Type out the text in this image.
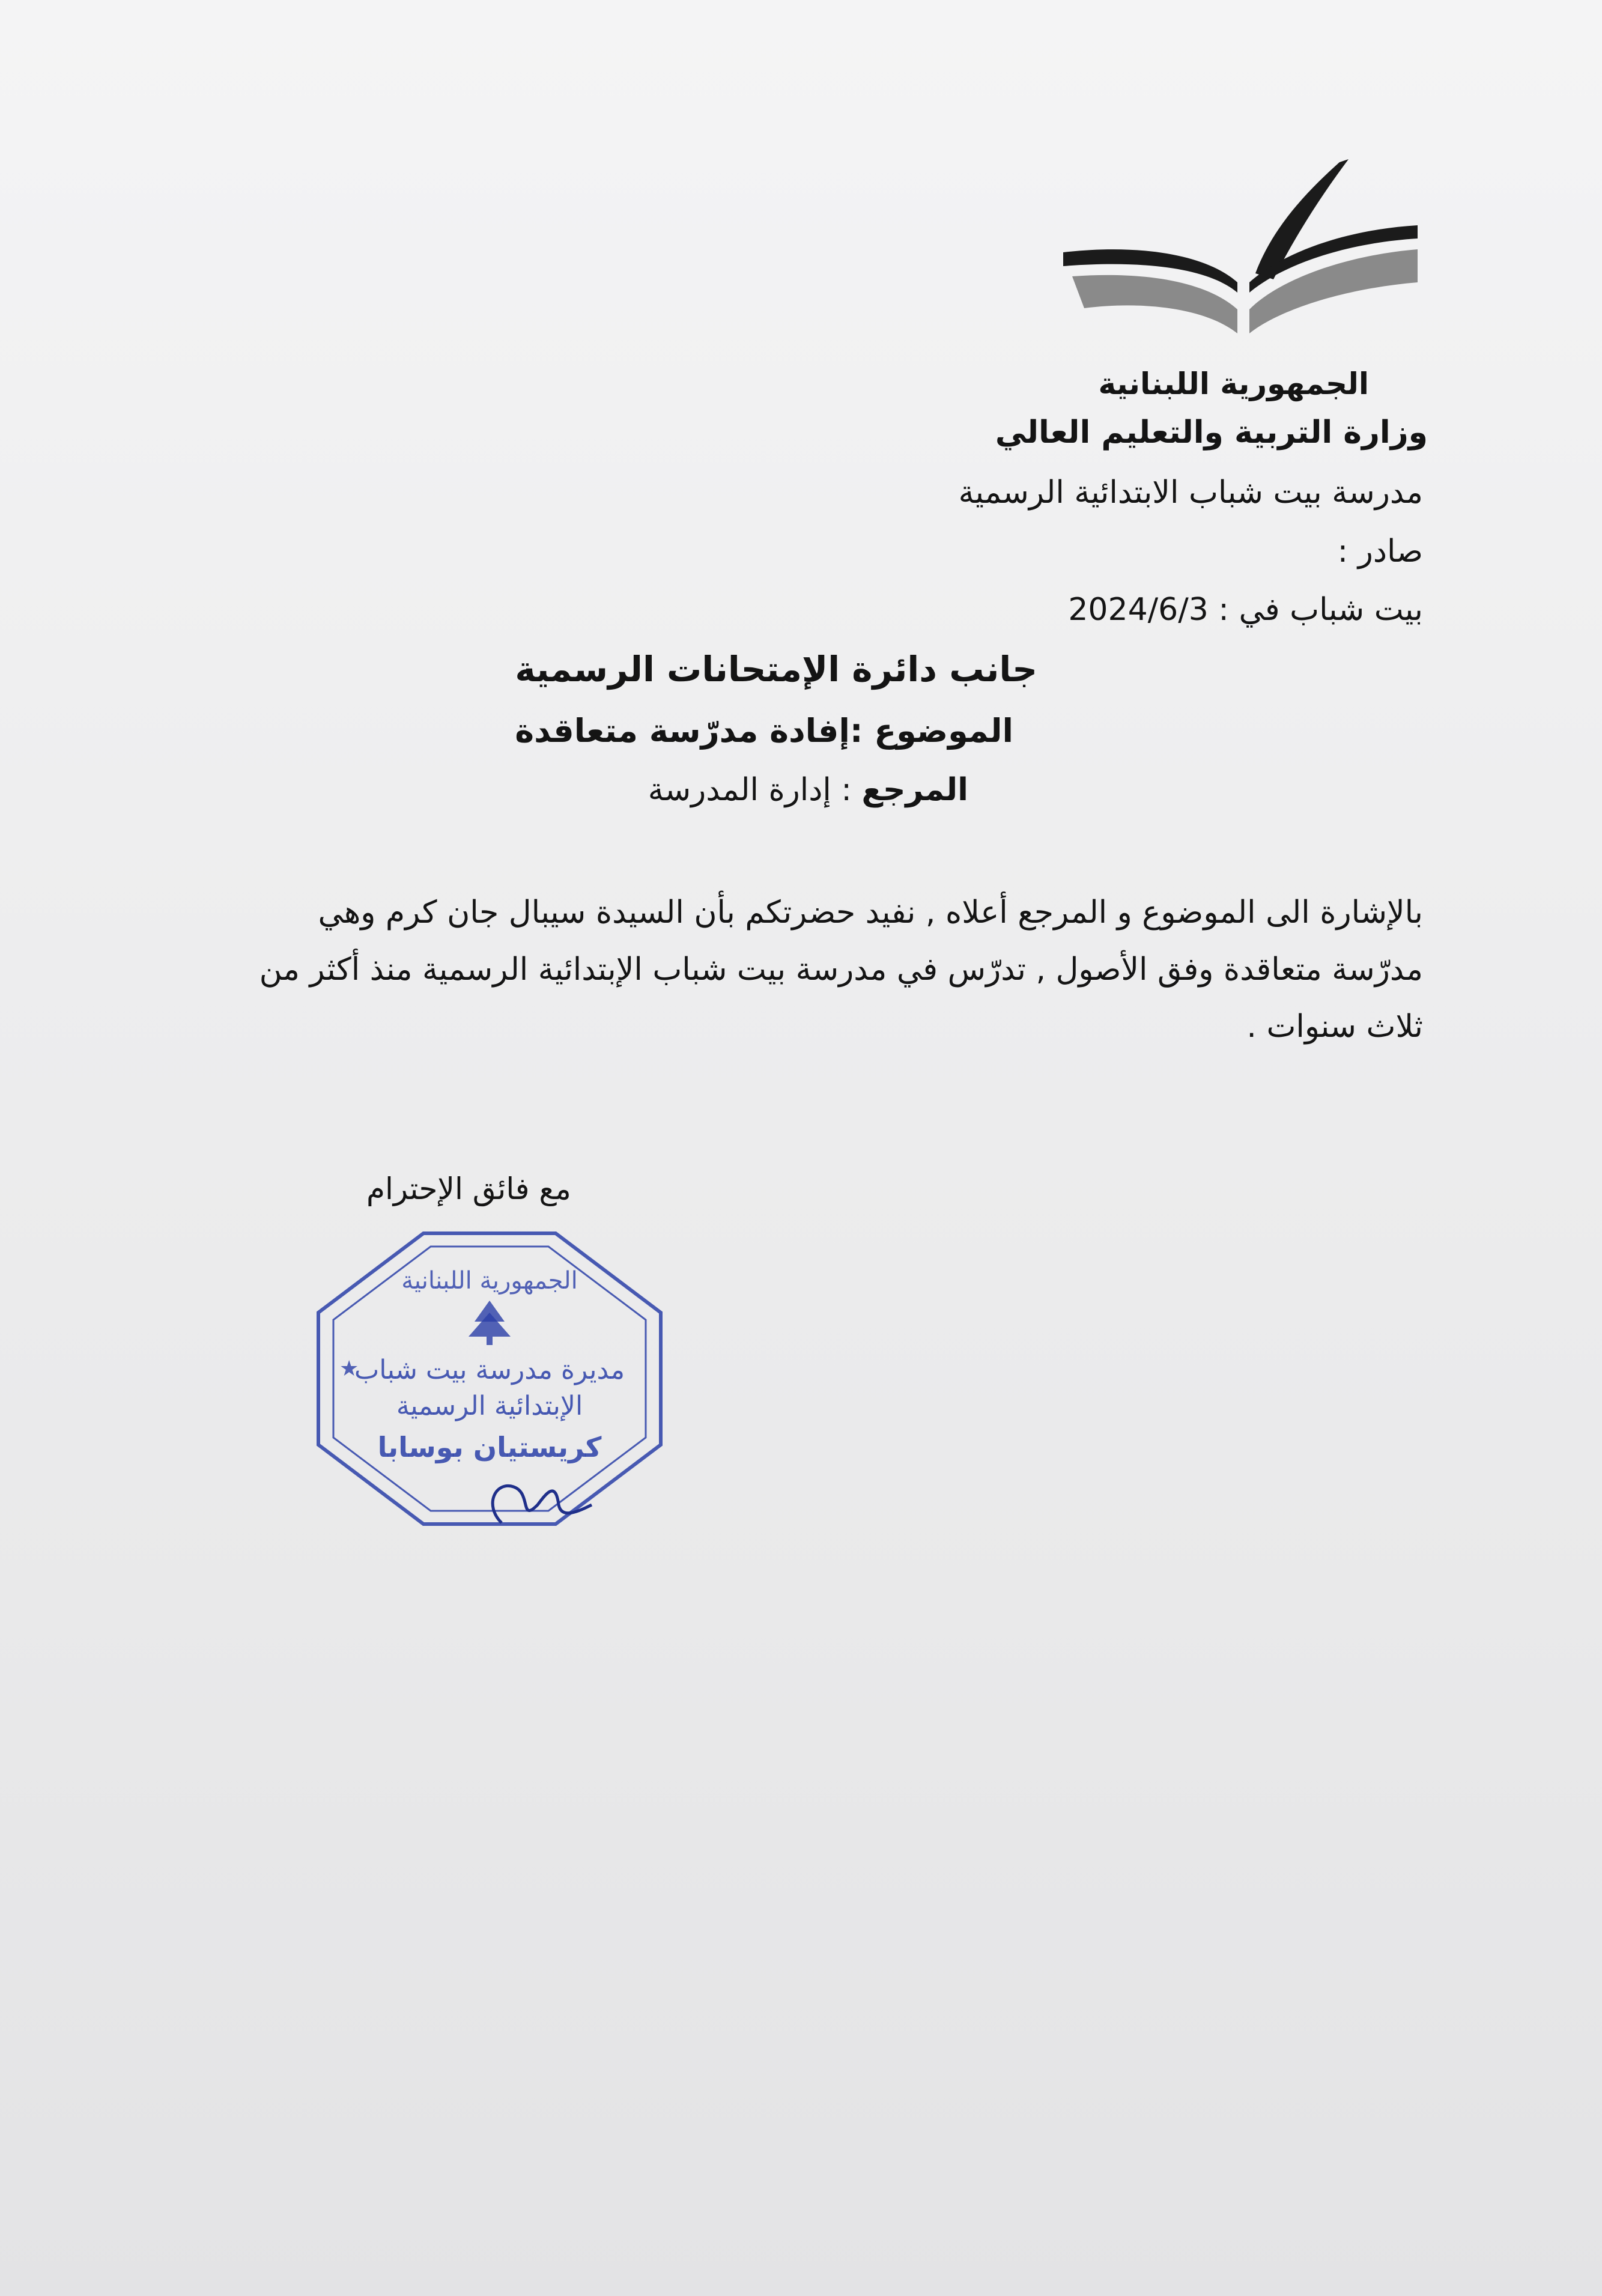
الجمهورية اللبنانية
وزارة التربية والتعليم العالي
مدرسة بيت شباب الابتدائية الرسمية
صادر :
بيت شباب في : 2024/6/3
جانب دائرة الإمتحانات الرسمية
الموضوع :إفادة مدرّسة متعاقدة
المرجع : إدارة المدرسة
بالإشارة الى الموضوع و المرجع أعلاه , نفيد حضرتكم بأن السيدة سيبال جان كرم وهي
مدرّسة متعاقدة وفق الأصول , تدرّس في مدرسة بيت شباب الإبتدائية الرسمية منذ أكثر من
ثلاث سنوات .
مع فائق الإحترام
الجمهورية اللبنانية
مديرة مدرسة بيت شباب
الإبتدائية الرسمية
كريستيان بوسابا
★
